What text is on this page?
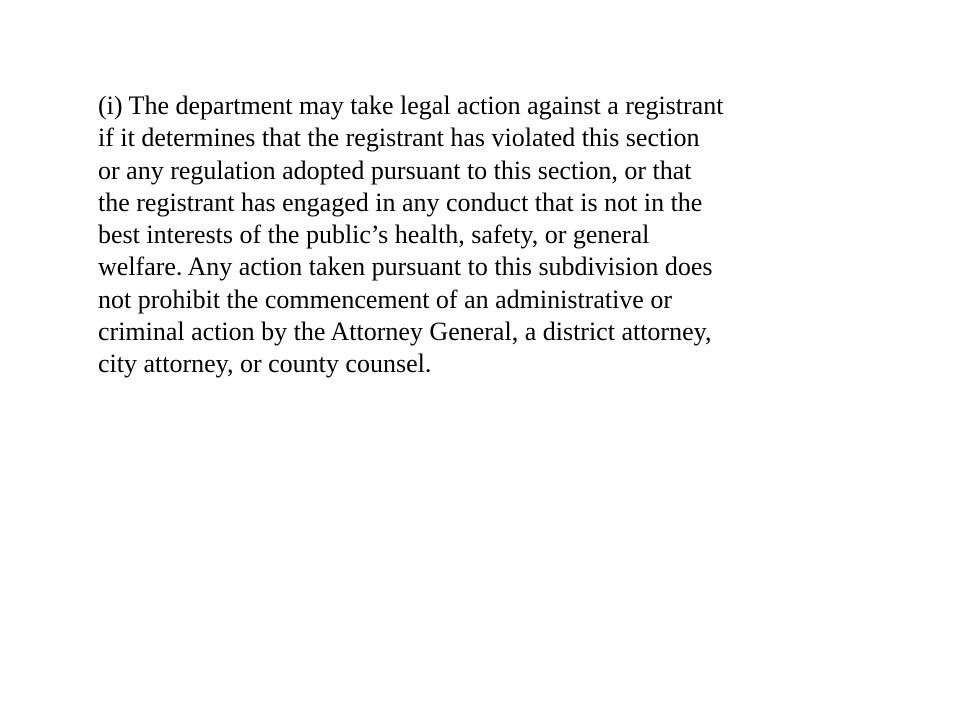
(i) The department may take legal action against a registrant
if it determines that the registrant has violated this section
or any regulation adopted pursuant to this section, or that
the registrant has engaged in any conduct that is not in the
best interests of the public’s health, safety, or general
welfare. Any action taken pursuant to this subdivision does
not prohibit the commencement of an administrative or
criminal action by the Attorney General, a district attorney,
city attorney, or county counsel.
